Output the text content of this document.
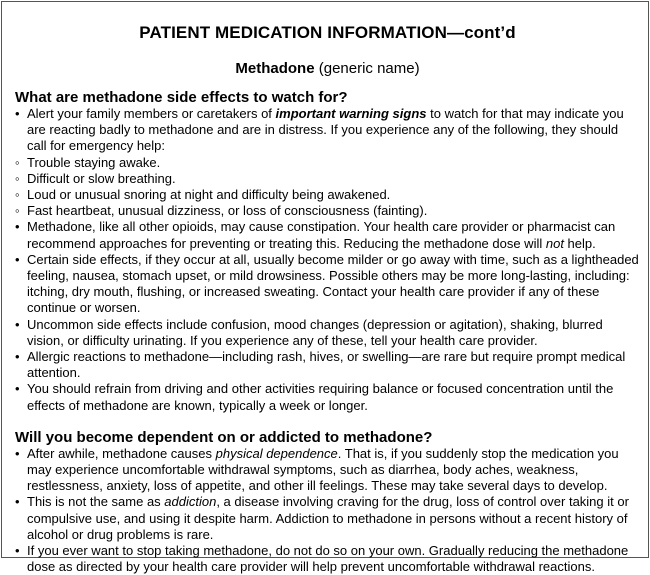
PATIENT MEDICATION INFORMATION—cont’d

Methadone (generic name)

What are methadone side effects to watch for?
• Alert your family members or caretakers of important warning signs to watch for that may indicate you are reacting badly to methadone and are in distress. If you experience any of the following, they should call for emergency help:
◦ Trouble staying awake.
◦ Difficult or slow breathing.
◦ Loud or unusual snoring at night and difficulty being awakened.
◦ Fast heartbeat, unusual dizziness, or loss of consciousness (fainting).
• Methadone, like all other opioids, may cause constipation. Your health care provider or pharmacist can recommend approaches for preventing or treating this. Reducing the methadone dose will not help.
• Certain side effects, if they occur at all, usually become milder or go away with time, such as a lightheaded feeling, nausea, stomach upset, or mild drowsiness. Possible others may be more long-lasting, including: itching, dry mouth, flushing, or increased sweating. Contact your health care provider if any of these continue or worsen.
• Uncommon side effects include confusion, mood changes (depression or agitation), shaking, blurred vision, or difficulty urinating. If you experience any of these, tell your health care provider.
• Allergic reactions to methadone—including rash, hives, or swelling—are rare but require prompt medical attention.
• You should refrain from driving and other activities requiring balance or focused concentration until the effects of methadone are known, typically a week or longer.
Will you become dependent on or addicted to methadone?
• After awhile, methadone causes physical dependence. That is, if you suddenly stop the medication you may experience uncomfortable withdrawal symptoms, such as diarrhea, body aches, weakness, restlessness, anxiety, loss of appetite, and other ill feelings. These may take several days to develop.
• This is not the same as addiction, a disease involving craving for the drug, loss of control over taking it or compulsive use, and using it despite harm. Addiction to methadone in persons without a recent history of alcohol or drug problems is rare.
• If you ever want to stop taking methadone, do not do so on your own. Gradually reducing the methadone dose as directed by your health care provider will help prevent uncomfortable withdrawal reactions.
